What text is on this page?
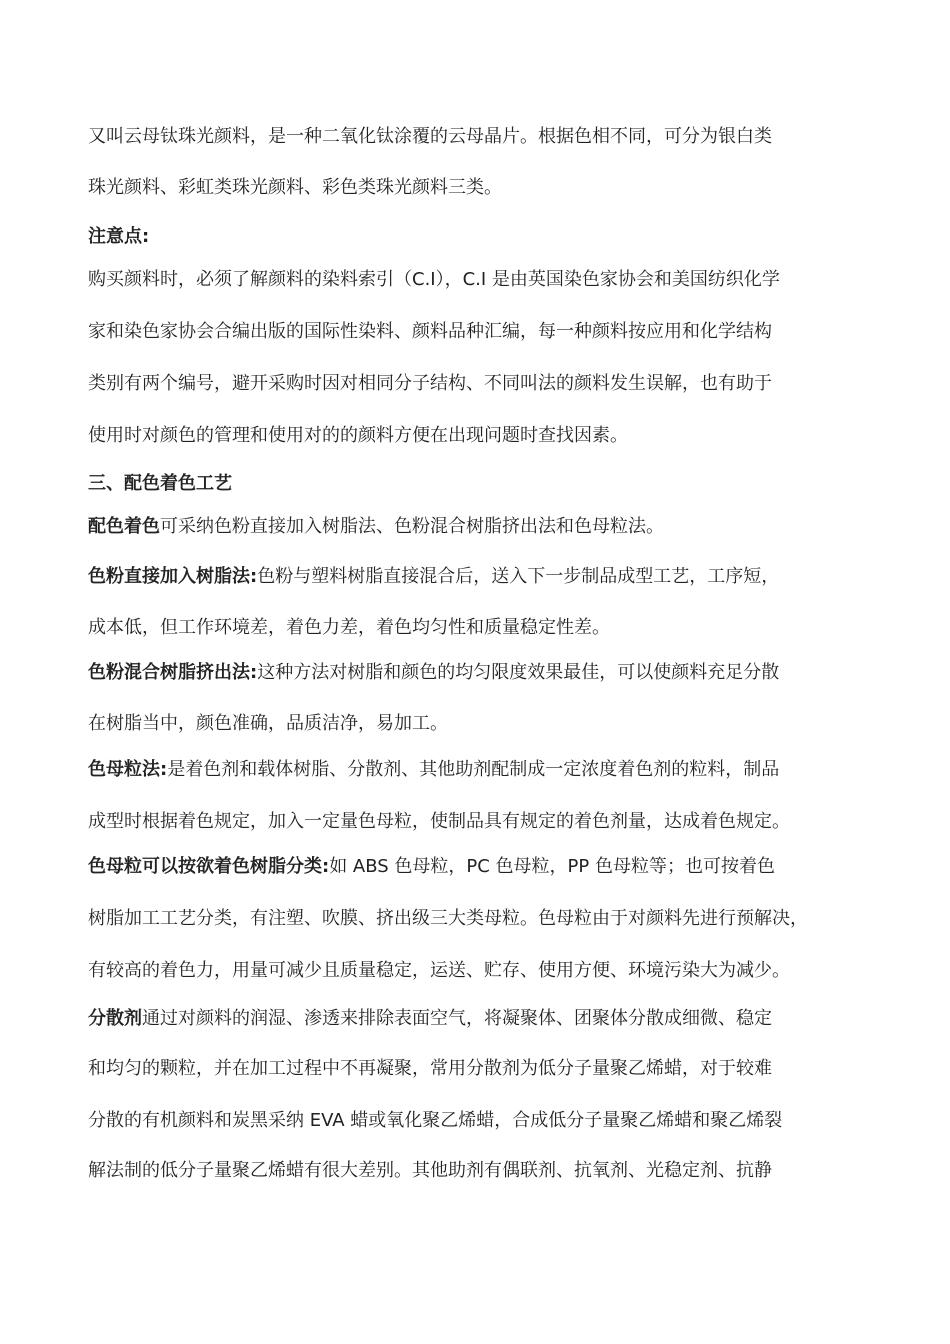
又叫云母钛珠光颜料，是一种二氧化钛涂覆的云母晶片。根据色相不同，可分为银白类
珠光颜料、彩虹类珠光颜料、彩色类珠光颜料三类。
注意点:
购买颜料时，必须了解颜料的染料索引（C.I），C.I 是由英国染色家协会和美国纺织化学
家和染色家协会合编出版的国际性染料、颜料品种汇编，每一种颜料按应用和化学结构
类别有两个编号，避开采购时因对相同分子结构、不同叫法的颜料发生误解，也有助于
使用时对颜色的管理和使用对的的颜料方便在出现问题时查找因素。
三、配色着色工艺
配色着色可采纳色粉直接加入树脂法、色粉混合树脂挤出法和色母粒法。
色粉直接加入树脂法:色粉与塑料树脂直接混合后，送入下一步制品成型工艺，工序短，
成本低，但工作环境差，着色力差，着色均匀性和质量稳定性差。
色粉混合树脂挤出法:这种方法对树脂和颜色的均匀限度效果最佳，可以使颜料充足分散
在树脂当中，颜色准确，品质洁净，易加工。
色母粒法:是着色剂和载体树脂、分散剂、其他助剂配制成一定浓度着色剂的粒料，制品
成型时根据着色规定，加入一定量色母粒，使制品具有规定的着色剂量，达成着色规定。
色母粒可以按欲着色树脂分类:如 ABS 色母粒，PC 色母粒，PP 色母粒等；也可按着色
树脂加工工艺分类，有注塑、吹膜、挤出级三大类母粒。色母粒由于对颜料先进行预解决，
有较高的着色力，用量可减少且质量稳定，运送、贮存、使用方便、环境污染大为减少。
分散剂通过对颜料的润湿、渗透来排除表面空气，将凝聚体、团聚体分散成细微、稳定
和均匀的颗粒，并在加工过程中不再凝聚，常用分散剂为低分子量聚乙烯蜡，对于较难
分散的有机颜料和炭黑采纳 EVA 蜡或氧化聚乙烯蜡，合成低分子量聚乙烯蜡和聚乙烯裂
解法制的低分子量聚乙烯蜡有很大差别。其他助剂有偶联剂、抗氧剂、光稳定剂、抗静
